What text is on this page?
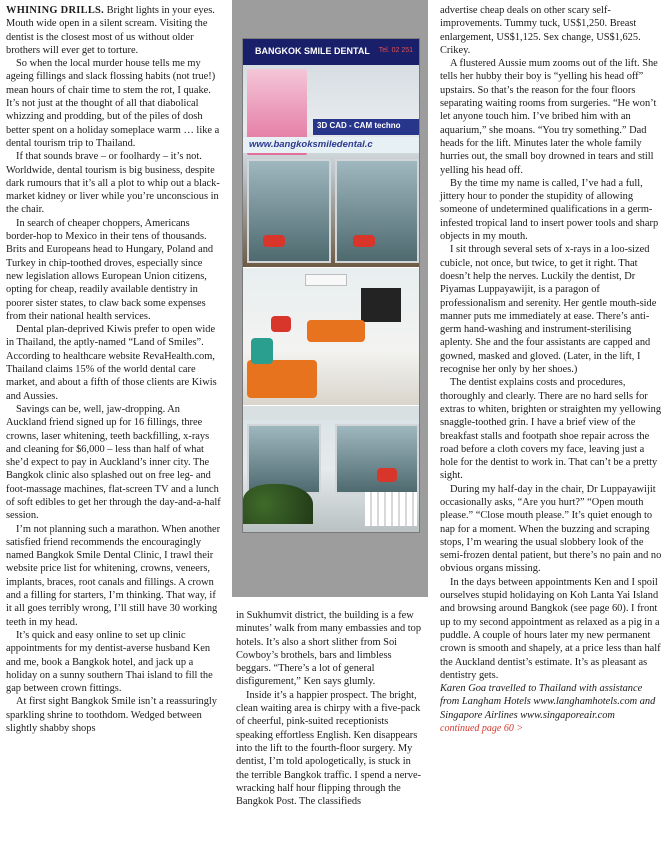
BANGKOK SMILE DENTAL Tel. 02 251
3D CAD - CAM techno
www.bangkoksmiledental.c

WHINING DRILLS. Bright lights in your eyes. Mouth wide open in a silent scream. Visiting the dentist is the closest most of us without older brothers will ever get to torture.

So when the local murder house tells me my ageing fillings and slack flossing habits (not true!) mean hours of chair time to stem the rot, I quake. It’s not just at the thought of all that diabolical whizzing and prodding, but of the piles of dosh better spent on a holiday someplace warm … like a dental tourism trip to Thailand.

If that sounds brave – or foolhardy – it’s not. Worldwide, dental tourism is big business, despite dark rumours that it’s all a plot to whip out a black-market kidney or liver while you’re unconscious in the chair.

In search of cheaper choppers, Americans border-hop to Mexico in their tens of thousands. Brits and Europeans head to Hungary, Poland and Turkey in chip-toothed droves, especially since new legislation allows European Union citizens, opting for cheap, readily available dentistry in poorer sister states, to claw back some expenses from their national health services.

Dental plan-deprived Kiwis prefer to open wide in Thailand, the aptly-named “Land of Smiles”. According to healthcare website RevaHealth.com, Thailand claims 15% of the world dental care market, and about a fifth of those clients are Kiwis and Aussies.

Savings can be, well, jaw-dropping. An Auckland friend signed up for 16 fillings, three crowns, laser whitening, teeth backfilling, x-rays and cleaning for $6,000 – less than half of what she’d expect to pay in Auckland’s inner city. The Bangkok clinic also splashed out on free leg- and foot-massage machines, flat-screen TV and a lunch of soft edibles to get her through the day-and-a-half session.

I’m not planning such a marathon. When another satisfied friend recommends the encouragingly named Bangkok Smile Dental Clinic, I trawl their website price list for whitening, crowns, veneers, implants, braces, root canals and fillings. A crown and a filling for starters, I’m thinking. That way, if it all goes terribly wrong, I’ll still have 30 working teeth in my head.

It’s quick and easy online to set up clinic appointments for my dentist-averse husband Ken and me, book a Bangkok hotel, and jack up a holiday on a sunny southern Thai island to fill the gap between crown fittings.

At first sight Bangkok Smile isn’t a reassuringly sparkling shrine to toothdom. Wedged between slightly shabby shops

in Sukhumvit district, the building is a few minutes’ walk from many embassies and top hotels. It’s also a short slither from Soi Cowboy’s brothels, bars and limbless beggars. “There’s a lot of general disfigurement,” Ken says glumly.

Inside it’s a happier prospect. The bright, clean waiting area is chirpy with a five-pack of cheerful, pink-suited receptionists speaking effortless English. Ken disappears into the lift to the fourth-floor surgery. My dentist, I’m told apologetically, is stuck in the terrible Bangkok traffic. I spend a nerve-wracking half hour flipping through the Bangkok Post. The classifieds

advertise cheap deals on other scary self-improvements. Tummy tuck, US$1,250. Breast enlargement, US$1,125. Sex change, US$1,625. Crikey.

A flustered Aussie mum zooms out of the lift. She tells her hubby their boy is “yelling his head off” upstairs. So that’s the reason for the four floors separating waiting rooms from surgeries. “He won’t let anyone touch him. I’ve bribed him with an aquarium,” she moans. “You try something.” Dad heads for the lift. Minutes later the whole family hurries out, the small boy drowned in tears and still yelling his head off.

By the time my name is called, I’ve had a full, jittery hour to ponder the stupidity of allowing someone of undetermined qualifications in a germ-infested tropical land to insert power tools and sharp objects in my mouth.

I sit through several sets of x-rays in a loo-sized cubicle, not once, but twice, to get it right. That doesn’t help the nerves. Luckily the dentist, Dr Piyamas Luppayawijit, is a paragon of professionalism and serenity. Her gentle mouth-side manner puts me immediately at ease. There’s anti-germ hand-washing and instrument-sterilising aplenty. She and the four assistants are capped and gowned, masked and gloved. (Later, in the lift, I recognise her only by her shoes.)

The dentist explains costs and procedures, thoroughly and clearly. There are no hard sells for extras to whiten, brighten or straighten my yellowing snaggle-toothed grin. I have a brief view of the breakfast stalls and footpath shoe repair across the road before a cloth covers my face, leaving just a hole for the dentist to work in. That can’t be a pretty sight.

During my half-day in the chair, Dr Luppayawijit occasionally asks, “Are you hurt?” “Open mouth please.” “Close mouth please.” It’s quiet enough to nap for a moment. When the buzzing and scraping stops, I’m wearing the usual slobbery look of the semi-frozen dental patient, but there’s no pain and no obvious organs missing.

In the days between appointments Ken and I spoil ourselves stupid holidaying on Koh Lanta Yai Island and browsing around Bangkok (see page 60). I front up to my second appointment as relaxed as a pig in a puddle. A couple of hours later my new permanent crown is smooth and shapely, at a price less than half the Auckland dentist’s estimate. It’s as pleasant as dentistry gets.

Karen Goa travelled to Thailand with assistance from Langham Hotels www.langhamhotels.com and Singapore Airlines www.singaporeair.com

continued page 60 >
